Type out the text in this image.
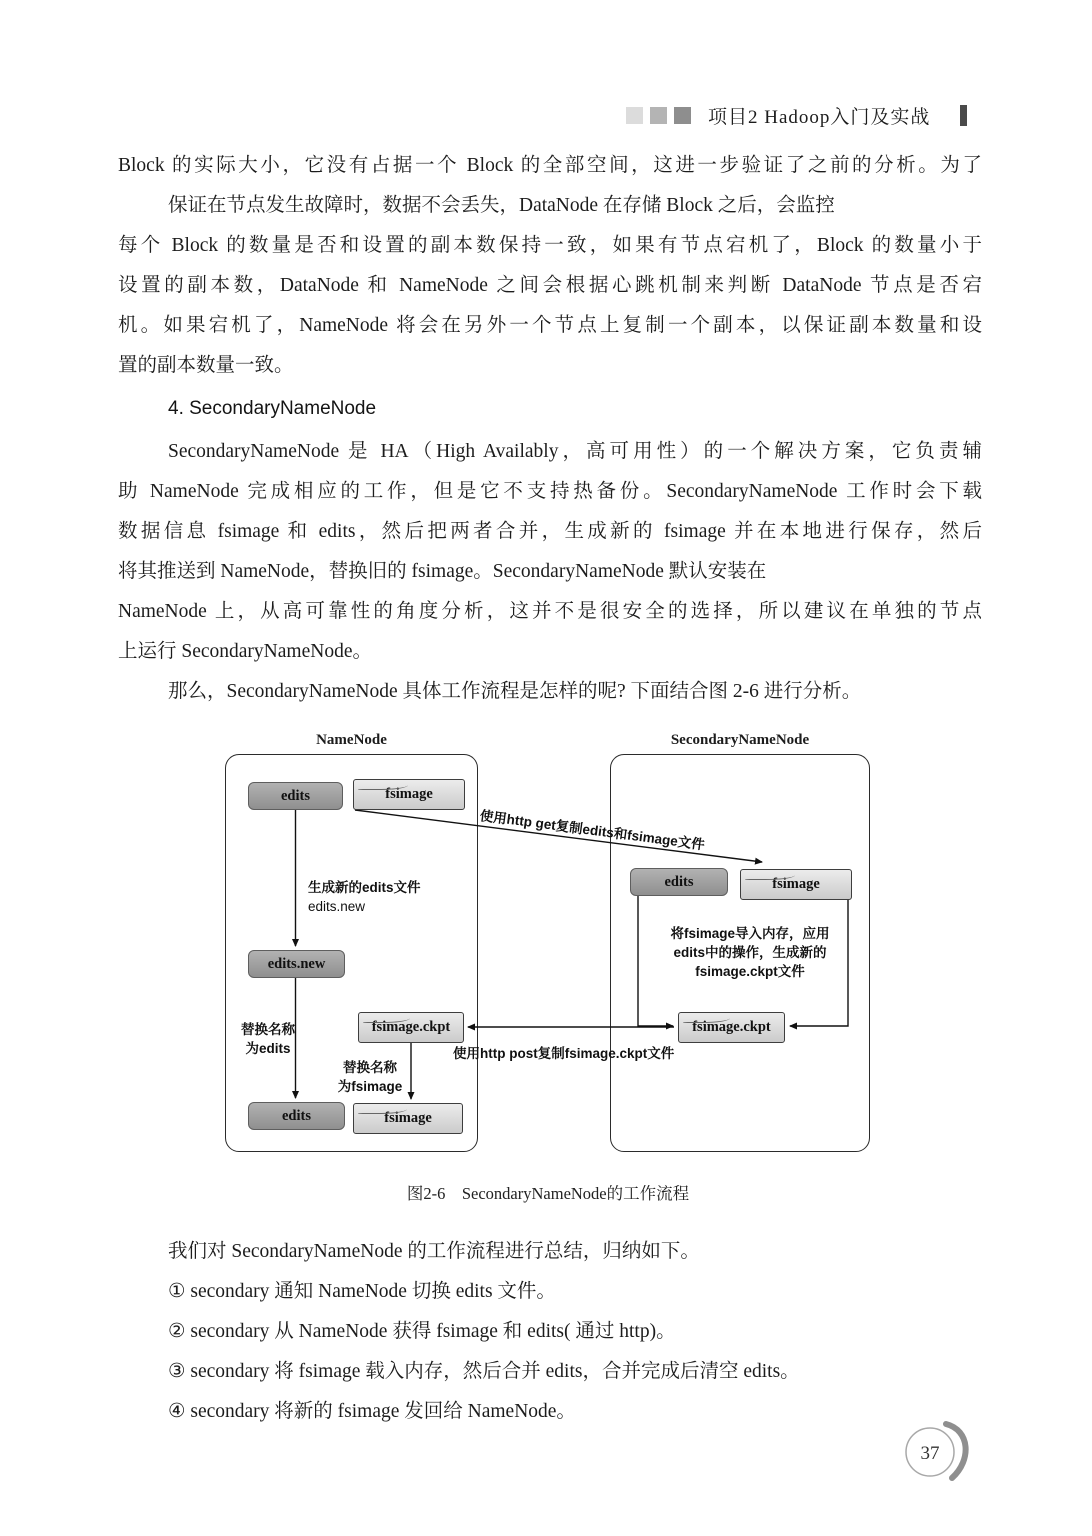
项目2 Hadoop入门及实战
Block 的实际大小，它没有占据一个 Block 的全部空间，这进一步验证了之前的分析。为了
保证在节点发生故障时，数据不会丢失，DataNode 在存储 Block 之后，会监控
每个 Block 的数量是否和设置的副本数保持一致，如果有节点宕机了，Block 的数量小于
设置的副本数，DataNode 和 NameNode 之间会根据心跳机制来判断 DataNode 节点是否宕
机。如果宕机了，NameNode 将会在另外一个节点上复制一个副本，以保证副本数量和设
置的副本数量一致。
4. SecondaryNameNode
SecondaryNameNode 是 HA（High Availably，高可用性）的一个解决方案，它负责辅
助 NameNode 完成相应的工作，但是它不支持热备份。SecondaryNameNode 工作时会下载
数据信息 fsimage 和 edits，然后把两者合并，生成新的 fsimage 并在本地进行保存，然后
将其推送到 NameNode，替换旧的 fsimage。SecondaryNameNode 默认安装在
NameNode 上，从高可靠性的角度分析，这并不是很安全的选择，所以建议在单独的节点
上运行 SecondaryNameNode。
那么，SecondaryNameNode 具体工作流程是怎样的呢? 下面结合图 2-6 进行分析。
NameNode	SecondaryNameNode
edits	fsimage
edits.new
fsimage.ckpt
edits	fsimage
edits	fsimage
fsimage.ckpt
生成新的edits文件
edits.new
替换名称
为edits
替换名称
为fsimage
使用http get复制edits和fsimage文件
将fsimage导入内存，应用
edits中的操作，生成新的
fsimage.ckpt文件
使用http post复制fsimage.ckpt文件
图2-6　SecondaryNameNode的工作流程
我们对 SecondaryNameNode 的工作流程进行总结，归纳如下。
① secondary 通知 NameNode 切换 edits 文件。
② secondary 从 NameNode 获得 fsimage 和 edits( 通过 http)。
③ secondary 将 fsimage 载入内存，然后合并 edits，合并完成后清空 edits。
④ secondary 将新的 fsimage 发回给 NameNode。
37
